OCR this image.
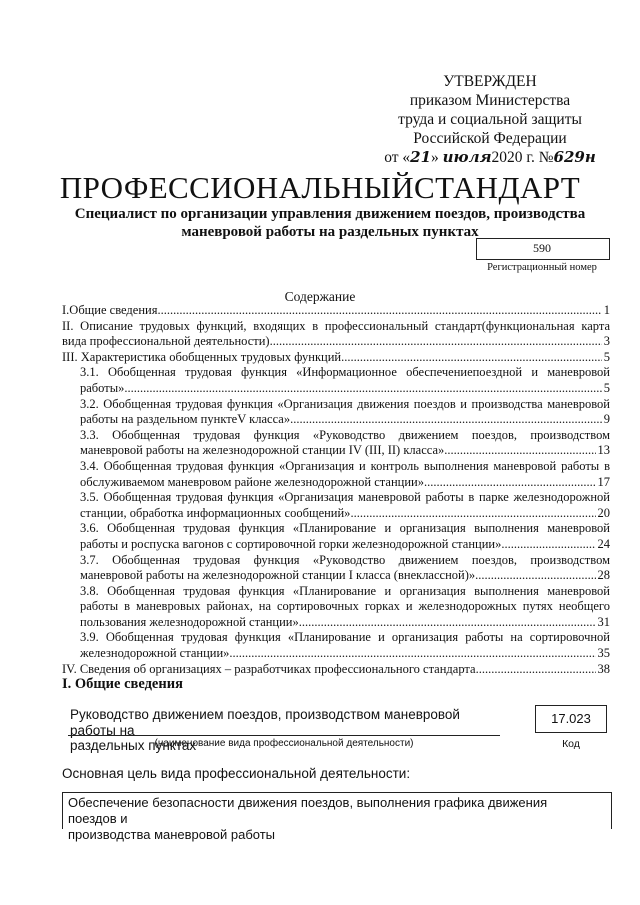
УТВЕРЖДЕН
приказом Министерства
труда и социальной защиты
Российской Федерации
от «21» июля2020 г. №629н
ПРОФЕССИОНАЛЬНЫЙСТАНДАРТ
Специалист по организации управления движением поездов, производства
маневровой работы на раздельных пунктах
590
Регистрационный номер
Содержание
I.Общие сведения .....	1
II. Описание трудовых функций, входящих в профессиональный стандарт(функциональная карта
вида профессиональной деятельности) .....	3
III. Характеристика обобщенных трудовых функций .....	5
3.1. Обобщенная трудовая функция «Информационное обеспечениепоездной и маневровой
работы» .....	5
3.2. Обобщенная трудовая функция «Организация движения поездов и производства маневровой
работы на раздельном пунктеV класса» .....	9
3.3. Обобщенная трудовая функция «Руководство движением поездов, производством
маневровой работы на железнодорожной станции IV (III, II) класса» .....	13
3.4. Обобщенная трудовая функция «Организация и контроль выполнения маневровой работы в
обслуживаемом маневровом районе железнодорожной станции» .....	17
3.5. Обобщенная трудовая функция «Организация маневровой работы в парке железнодорожной
станции, обработка информационных сообщений» .....	20
3.6. Обобщенная трудовая функция «Планирование и организация выполнения маневровой
работы и роспуска вагонов с сортировочной горки железнодорожной станции» .....	24
3.7. Обобщенная трудовая функция «Руководство движением поездов, производством
маневровой работы на железнодорожной станции I класса (внеклассной)» .....	28
3.8. Обобщенная трудовая функция «Планирование и организация выполнения маневровой
работы в маневровых районах, на сортировочных горках и железнодорожных путях необщего
пользования железнодорожной станции» .....	31
3.9. Обобщенная трудовая функция «Планирование и организация работы на сортировочной
железнодорожной станции» .....	35
IV. Сведения об организациях – разработчиках профессионального стандарта .....	38
I. Общие сведения
Руководство движением поездов, производством маневровой работы на
раздельных пунктах
(наименование вида профессиональной деятельности)
17.023
Код
Основная цель вида профессиональной деятельности:
Обеспечение безопасности движения поездов, выполнения графика движения поездов и
производства маневровой работы
